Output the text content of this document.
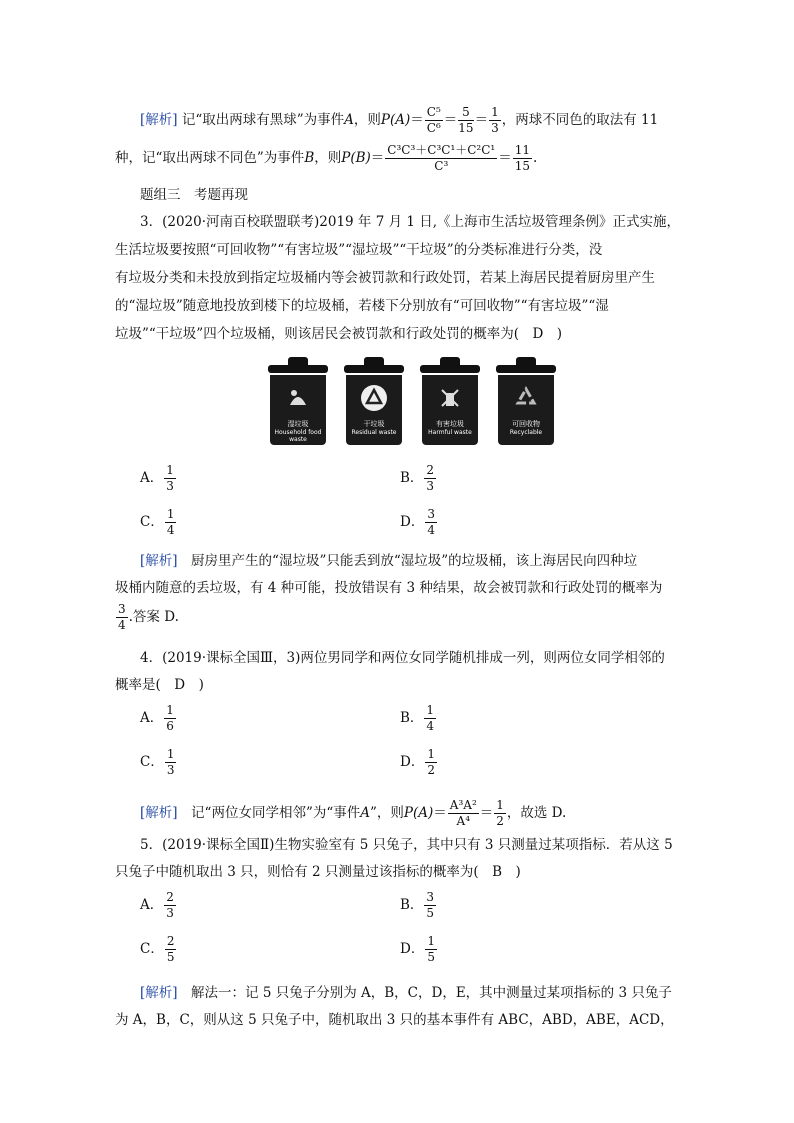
[解析] 记“取出两球有黑球”为事件A，则$P(A)= \frac{\text{C⁵}}{\text{C⁶}} = \frac{5}{15} = \frac{1}{3}$ ，两球不同色的取法有 11
种，记“取出两球不同色”为事件B，则$P(B)= \frac{\text{C³C³＋C³C¹＋C²C¹}}{\text{C³}} = \frac{11}{15}$ .
题组三　考题再现
3．(2020·河南百校联盟联考)2019 年 7 月 1 日,《上海市生活垃圾管理条例》正式实施，
生活垃圾要按照“可回收物”“有害垃圾”“湿垃圾”“干垃圾”的分类标准进行分类，没
有垃圾分类和未投放到指定垃圾桶内等会被罚款和行政处罚，若某上海居民提着厨房里产生
的“湿垃圾”随意地投放到楼下的垃圾桶，若楼下分别放有“可回收物”“有害垃圾”“湿
垃圾”“干垃圾”四个垃圾桶，则该居民会被罚款和行政处罚的概率为(　D　)
湿垃圾
Household food waste
干垃圾
Residual waste
有害垃圾
Harmful waste
可回收物
Recyclable
A． $\frac{1}{3}$	B． $\frac{2}{3}$
C． $\frac{1}{4}$	D． $\frac{3}{4}$
[解析]　 厨房里产生的“湿垃圾”只能丢到放“湿垃圾”的垃圾桶，该上海居民向四种垃
圾桶内随意的丢垃圾，有 4 种可能，投放错误有 3 种结果，故会被罚款和行政处罚的概率为
$\frac{3}{4}$ .答案 D.
4．(2019·课标全国Ⅲ，3)两位男同学和两位女同学随机排成一列，则两位女同学相邻的
概率是(　D　)
A． $\frac{1}{6}$	B． $\frac{1}{4}$
C． $\frac{1}{3}$	D． $\frac{1}{2}$
[解析]　 记“两位女同学相邻”为“事件A”，则$P(A)= \frac{\text{A³A²}}{\text{A⁴}} = \frac{1}{2}$ ，故选 D.
5．(2019·课标全国Ⅱ)生物实验室有 5 只兔子，其中只有 3 只测量过某项指标．若从这 5
只兔子中随机取出 3 只，则恰有 2 只测量过该指标的概率为(　B　)
A． $\frac{2}{3}$	B． $\frac{3}{5}$
C． $\frac{2}{5}$	D． $\frac{1}{5}$
[解析]　 解法一：记 5 只兔子分别为 A，B，C，D，E，其中测量过某项指标的 3 只兔子
为 A，B，C，则从这 5 只兔子中，随机取出 3 只的基本事件有 ABC，ABD，ABE，ACD，
